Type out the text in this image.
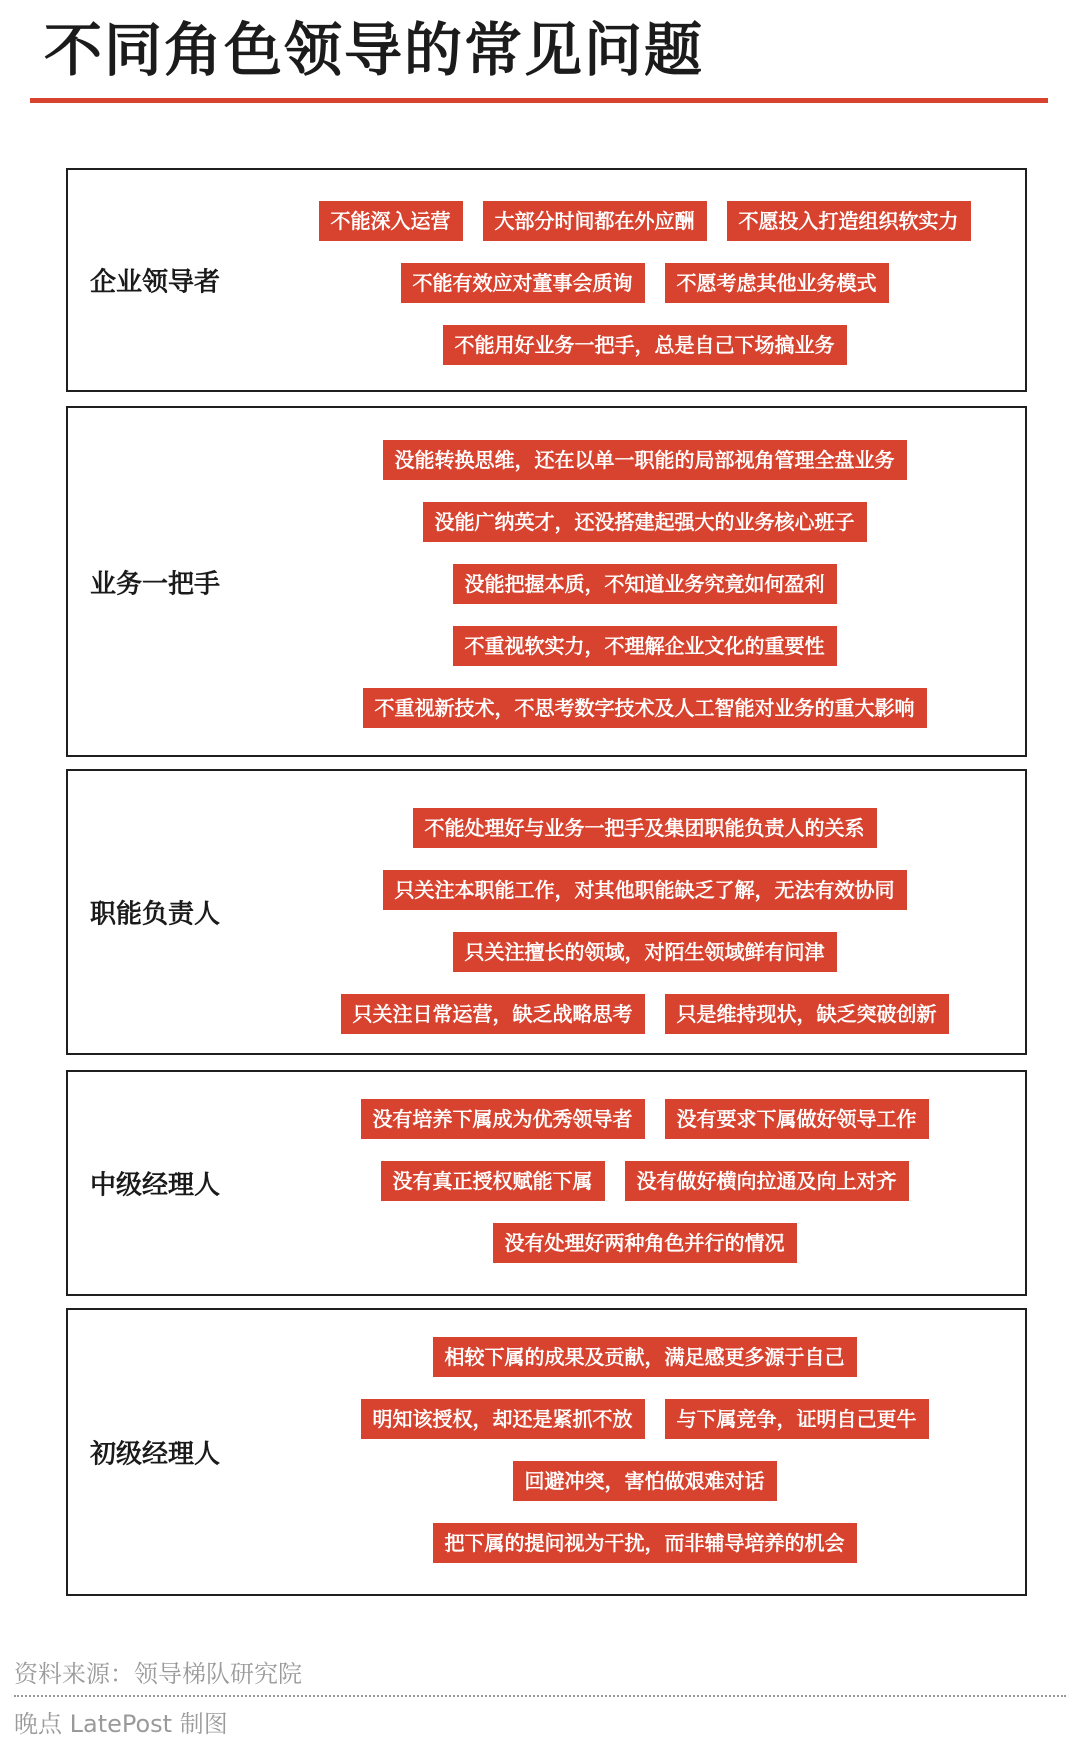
不同角色领导的常见问题
企业领导者
不能深入运营	大部分时间都在外应酬	不愿投入打造组织软实力
不能有效应对董事会质询	不愿考虑其他业务模式
不能用好业务一把手，总是自己下场搞业务
业务一把手
没能转换思维，还在以单一职能的局部视角管理全盘业务
没能广纳英才，还没搭建起强大的业务核心班子
没能把握本质，不知道业务究竟如何盈利
不重视软实力，不理解企业文化的重要性
不重视新技术，不思考数字技术及人工智能对业务的重大影响
职能负责人
不能处理好与业务一把手及集团职能负责人的关系
只关注本职能工作，对其他职能缺乏了解，无法有效协同
只关注擅长的领域，对陌生领域鲜有问津
只关注日常运营，缺乏战略思考	只是维持现状，缺乏突破创新
中级经理人
没有培养下属成为优秀领导者	没有要求下属做好领导工作
没有真正授权赋能下属	没有做好横向拉通及向上对齐
没有处理好两种角色并行的情况
初级经理人
相较下属的成果及贡献，满足感更多源于自己
明知该授权，却还是紧抓不放	与下属竞争，证明自己更牛
回避冲突，害怕做艰难对话
把下属的提问视为干扰，而非辅导培养的机会
资料来源：领导梯队研究院
晚点 LatePost 制图
